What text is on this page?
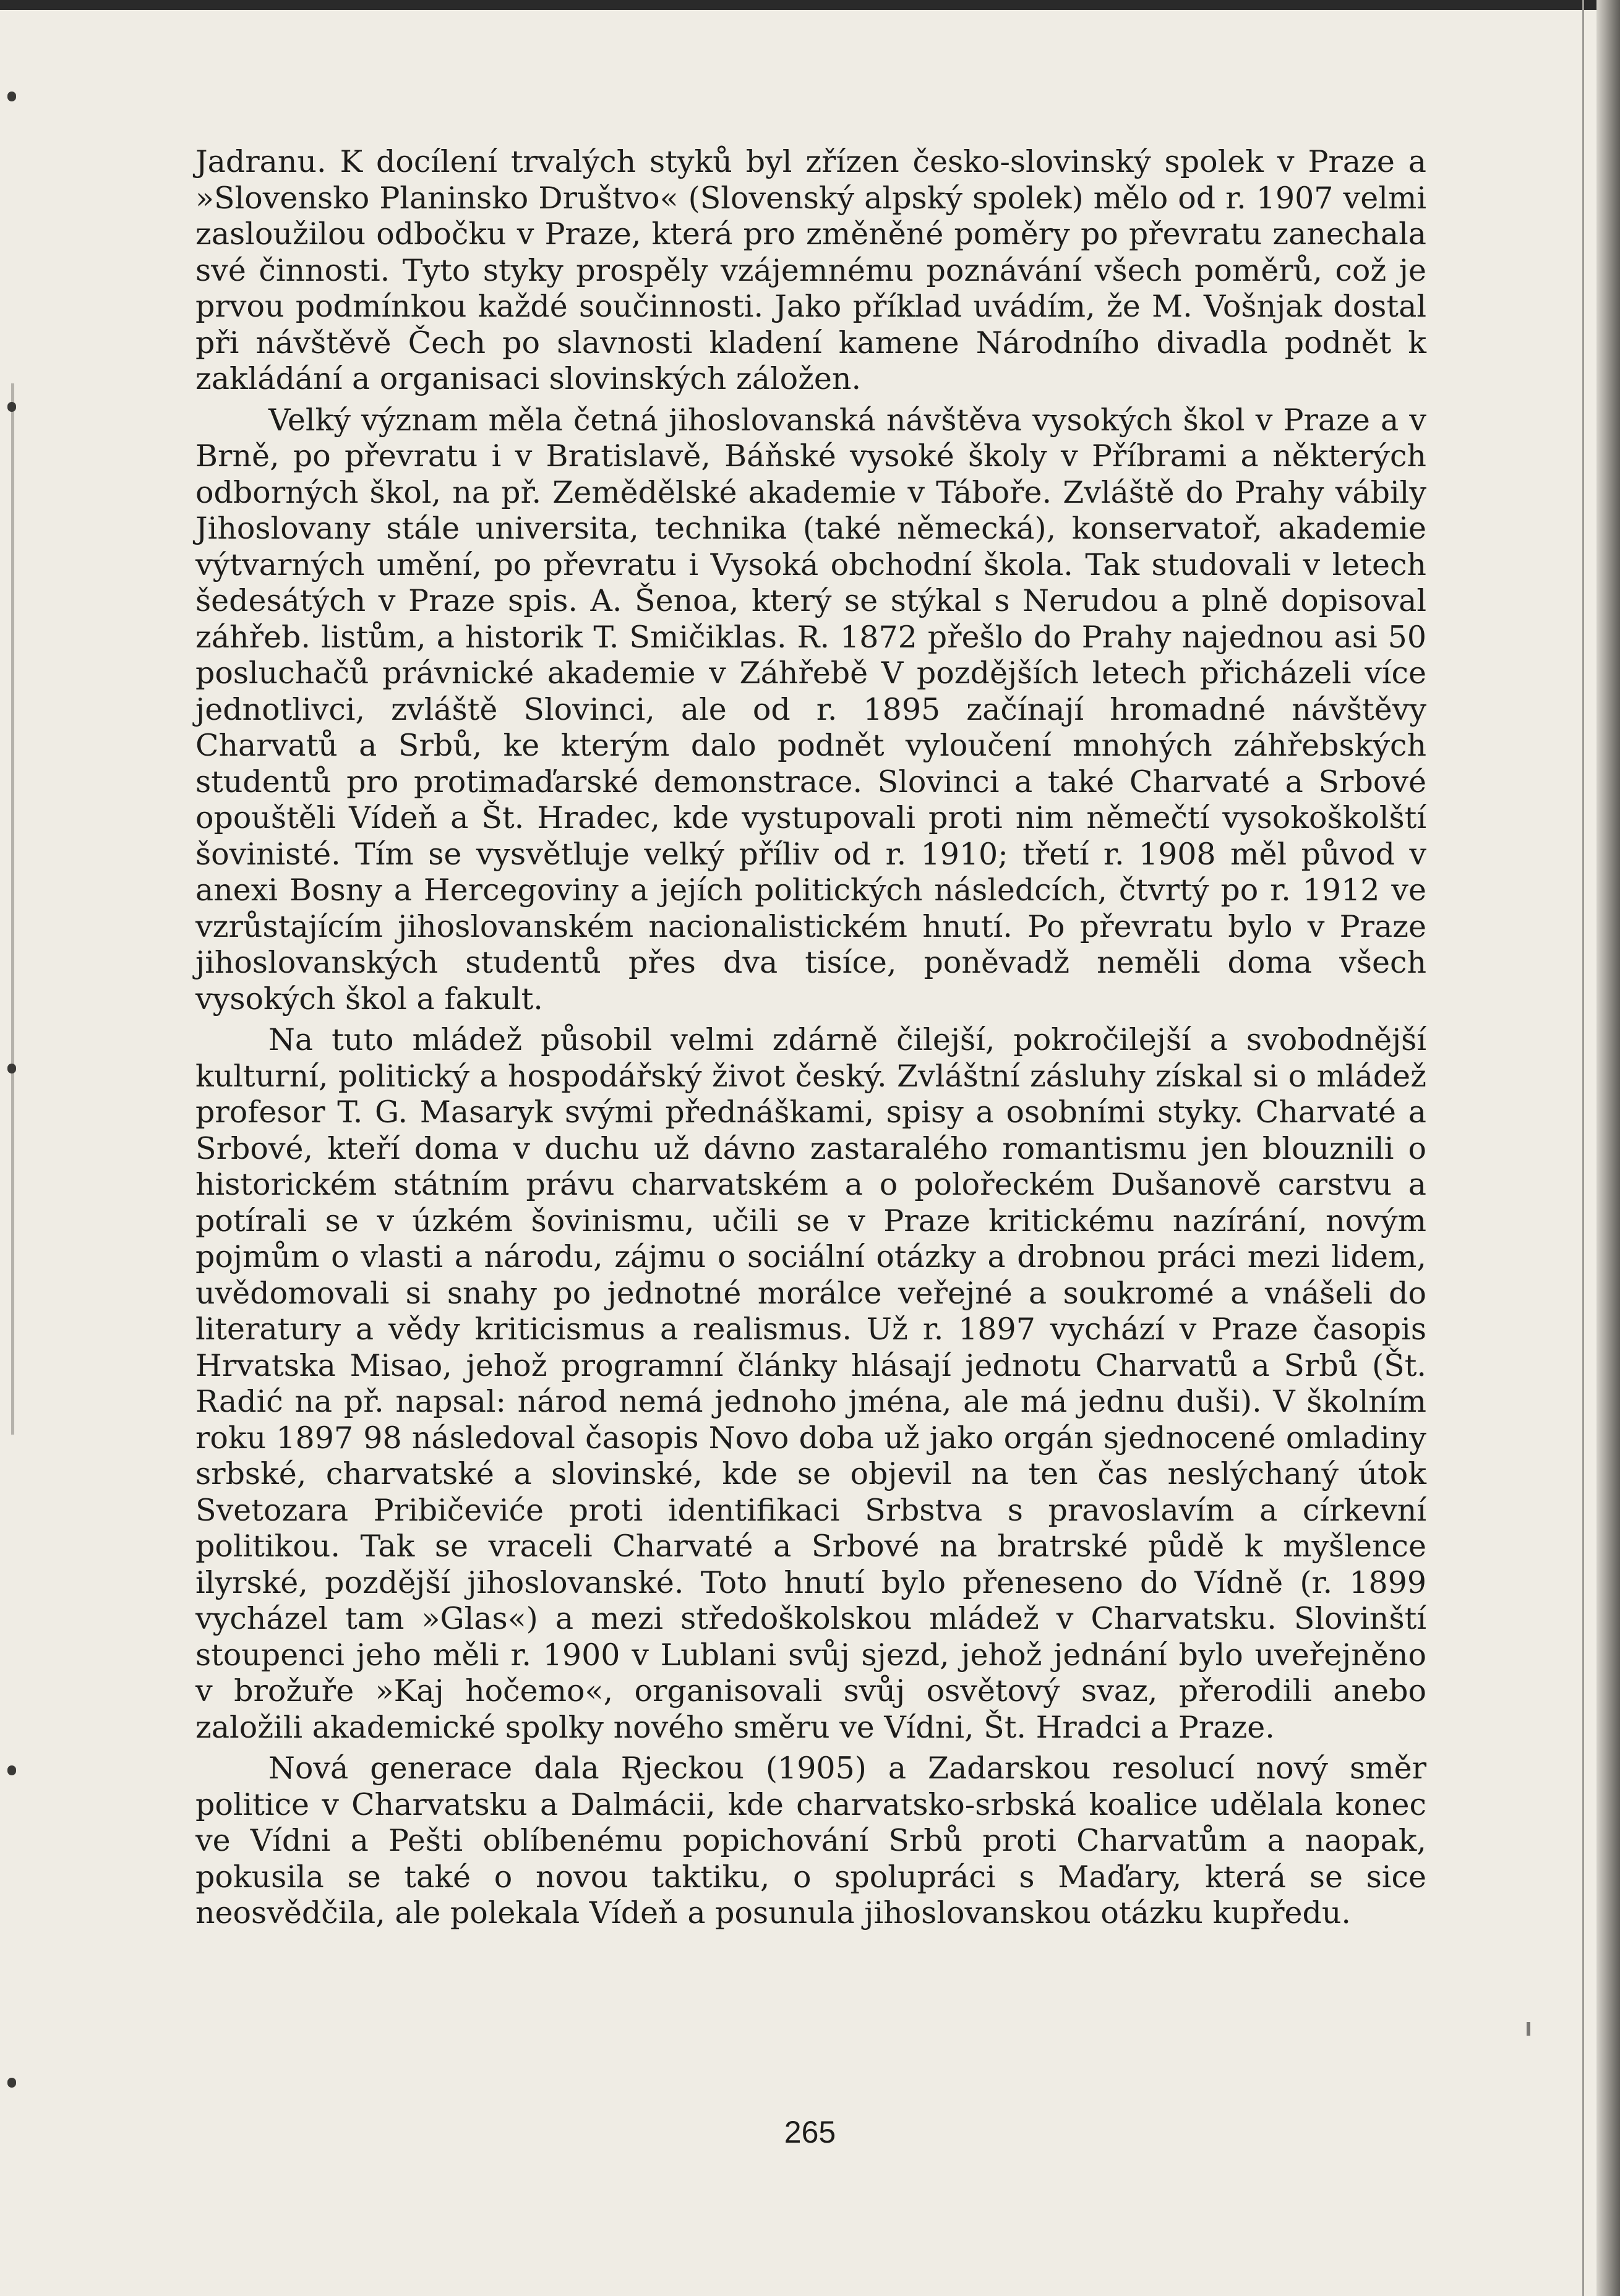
Jadranu. K docílení trvalých styků byl zřízen česko-slovinský spolek v Praze a »Slovensko Planinsko Društvo« (Slovenský alpský spolek) mělo od r. 1907 velmi zasloužilou odbočku v Praze, která pro změněné poměry po převratu zanechala své činnosti. Tyto styky prospěly vzájemnému poznávání všech poměrů, což je prvou podmínkou každé součinnosti. Jako příklad uvádím, že M. Vošnjak dostal při návštěvě Čech po slavnosti kladení kamene Národního divadla podnět k zakládání a organisaci slovinských záložen.

Velký význam měla četná jihoslovanská návštěva vysokých škol v Praze a v Brně, po převratu i v Bratislavě, Báňské vysoké školy v Příbrami a některých odborných škol, na př. Zemědělské akademie v Táboře. Zvláště do Prahy vábily Jihoslovany stále universita, technika (také německá), konservatoř, akademie výtvarných umění, po převratu i Vysoká obchodní škola. Tak studovali v letech šedesátých v Praze spis. A. Šenoa, který se stýkal s Nerudou a plně dopisoval záhřeb. listům, a historik T. Smičiklas. R. 1872 přešlo do Prahy najednou asi 50 posluchačů právnické akademie v Záhřebě V pozdějších letech přicházeli více jednotlivci, zvláště Slovinci, ale od r. 1895 začínají hromadné návštěvy Charvatů a Srbů, ke kterým dalo podnět vyloučení mnohých záhřebských studentů pro protimaďarské demonstrace. Slovinci a také Charvaté a Srbové opouštěli Vídeň a Št. Hradec, kde vystupovali proti nim němečtí vysokoškolští šovinisté. Tím se vysvětluje velký příliv od r. 1910; třetí r. 1908 měl původ v anexi Bosny a Hercegoviny a jejích politických následcích, čtvrtý po r. 1912 ve vzrůstajícím jihoslovanském nacionalistickém hnutí. Po převratu bylo v Praze jihoslovanských studentů přes dva tisíce, poněvadž neměli doma všech vysokých škol a fakult.

Na tuto mládež působil velmi zdárně čilejší, pokročilejší a svobodnější kulturní, politický a hospodářský život český. Zvláštní zásluhy získal si o mládež profesor T. G. Masaryk svými přednáškami, spisy a osobními styky. Charvaté a Srbové, kteří doma v duchu už dávno zastaralého romantismu jen blouznili o historickém státním právu charvatském a o polořeckém Dušanově carstvu a potírali se v úzkém šovinismu, učili se v Praze kritickému nazírání, novým pojmům o vlasti a národu, zájmu o sociální otázky a drobnou práci mezi lidem, uvědomovali si snahy po jednotné morálce veřejné a soukromé a vnášeli do literatury a vědy kriticismus a realismus. Už r. 1897 vychází v Praze časopis Hrvatska Misao, jehož programní články hlásají jednotu Charvatů a Srbů (Št. Radić na př. napsal: národ nemá jednoho jména, ale má jednu duši). V školním roku 1897 98 následoval časopis Novo doba už jako orgán sjednocené omladiny srbské, charvatské a slovinské, kde se objevil na ten čas neslýchaný útok Svetozara Pribičeviće proti identifikaci Srbstva s pravoslavím a církevní politikou. Tak se vraceli Charvaté a Srbové na bratrské půdě k myšlence ilyrské, pozdější jihoslovanské. Toto hnutí bylo přeneseno do Vídně (r. 1899 vycházel tam »Glas«) a mezi středoškolskou mládež v Charvatsku. Slovinští stoupenci jeho měli r. 1900 v Lublani svůj sjezd, jehož jednání bylo uveřejněno v brožuře »Kaj hočemo«, organisovali svůj osvětový svaz, přerodili anebo založili akademické spolky nového směru ve Vídni, Št. Hradci a Praze.

Nová generace dala Rjeckou (1905) a Zadarskou resolucí nový směr politice v Charvatsku a Dalmácii, kde charvatsko-srbská koalice udělala konec ve Vídni a Pešti oblíbenému popichování Srbů proti Charvatům a naopak, pokusila se také o novou taktiku, o spolupráci s Maďary, která se sice neosvědčila, ale polekala Vídeň a posunula jihoslovanskou otázku kupředu.

265
